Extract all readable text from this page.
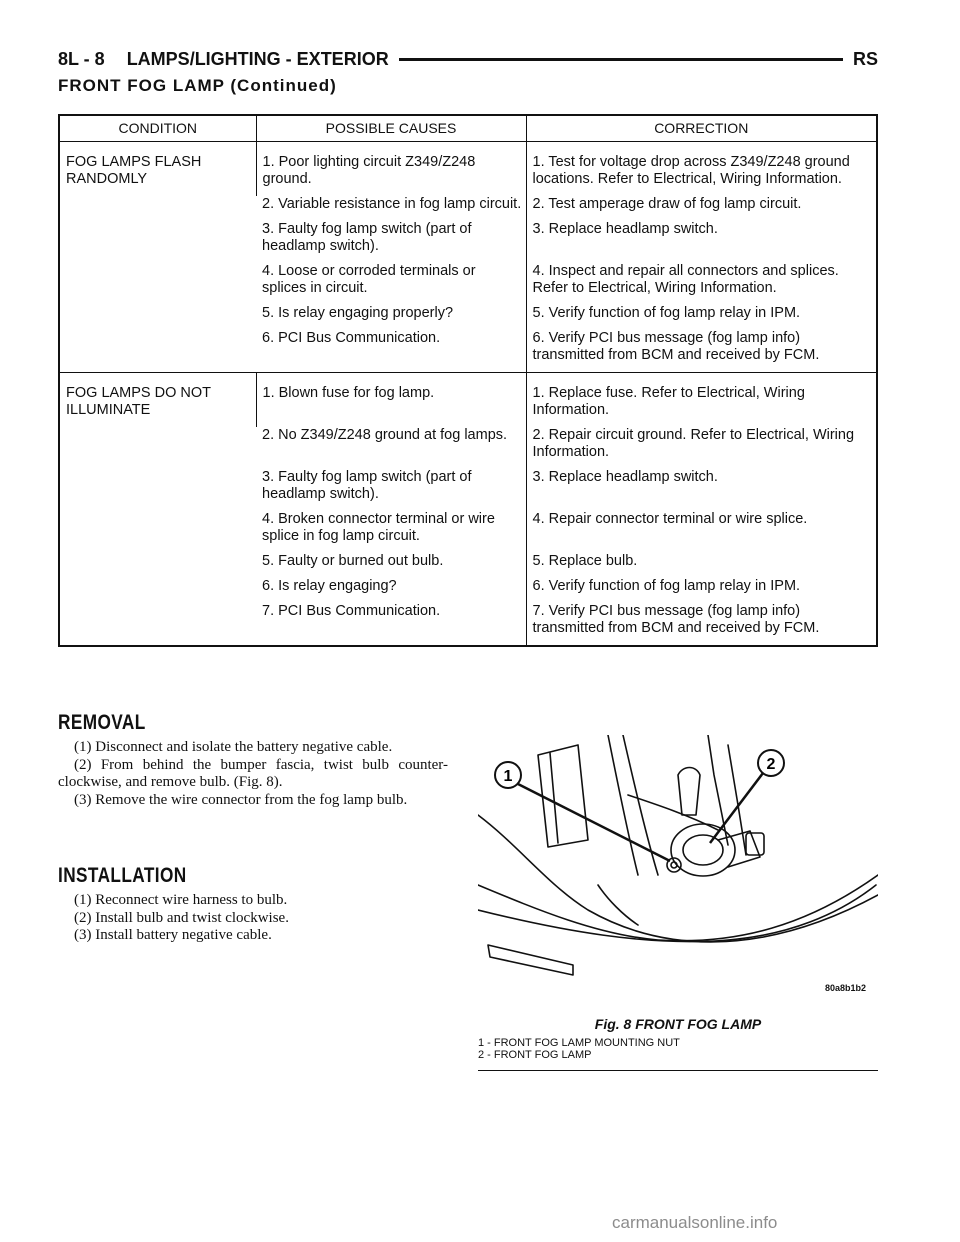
8L - 8 LAMPS/LIGHTING - EXTERIOR	RS
FRONT FOG LAMP (Continued)
CONDITION	POSSIBLE CAUSES	CORRECTION
FOG LAMPS FLASH RANDOMLY	1. Poor lighting circuit Z349/Z248 ground.	1. Test for voltage drop across Z349/Z248 ground locations. Refer to Electrical, Wiring Information.
	2. Variable resistance in fog lamp circuit.	2. Test amperage draw of fog lamp circuit.
	3. Faulty fog lamp switch (part of headlamp switch).	3. Replace headlamp switch.
	4. Loose or corroded terminals or splices in circuit.	4. Inspect and repair all connectors and splices. Refer to Electrical, Wiring Information.
	5. Is relay engaging properly?	5. Verify function of fog lamp relay in IPM.
	6. PCI Bus Communication.	6. Verify PCI bus message (fog lamp info) transmitted from BCM and received by FCM.
FOG LAMPS DO NOT ILLUMINATE	1. Blown fuse for fog lamp.	1. Replace fuse. Refer to Electrical, Wiring Information.
	2. No Z349/Z248 ground at fog lamps.	2. Repair circuit ground. Refer to Electrical, Wiring Information.
	3. Faulty fog lamp switch (part of headlamp switch).	3. Replace headlamp switch.
	4. Broken connector terminal or wire splice in fog lamp circuit.	4. Repair connector terminal or wire splice.
	5. Faulty or burned out bulb.	5. Replace bulb.
	6. Is relay engaging?	6. Verify function of fog lamp relay in IPM.
	7. PCI Bus Communication.	7. Verify PCI bus message (fog lamp info) transmitted from BCM and received by FCM.
REMOVAL

(1) Disconnect and isolate the battery negative cable.

(2) From behind the bumper fascia, twist bulb counter-clockwise, and remove bulb. (Fig. 8).

(3) Remove the wire connector from the fog lamp bulb.

INSTALLATION

(1) Reconnect wire harness to bulb.

(2) Install bulb and twist clockwise.

(3) Install battery negative cable.

1
2
80a8b1b2
Fig. 8 FRONT FOG LAMP
1 - FRONT FOG LAMP MOUNTING NUT
2 - FRONT FOG LAMP
carmanualsonline.info
